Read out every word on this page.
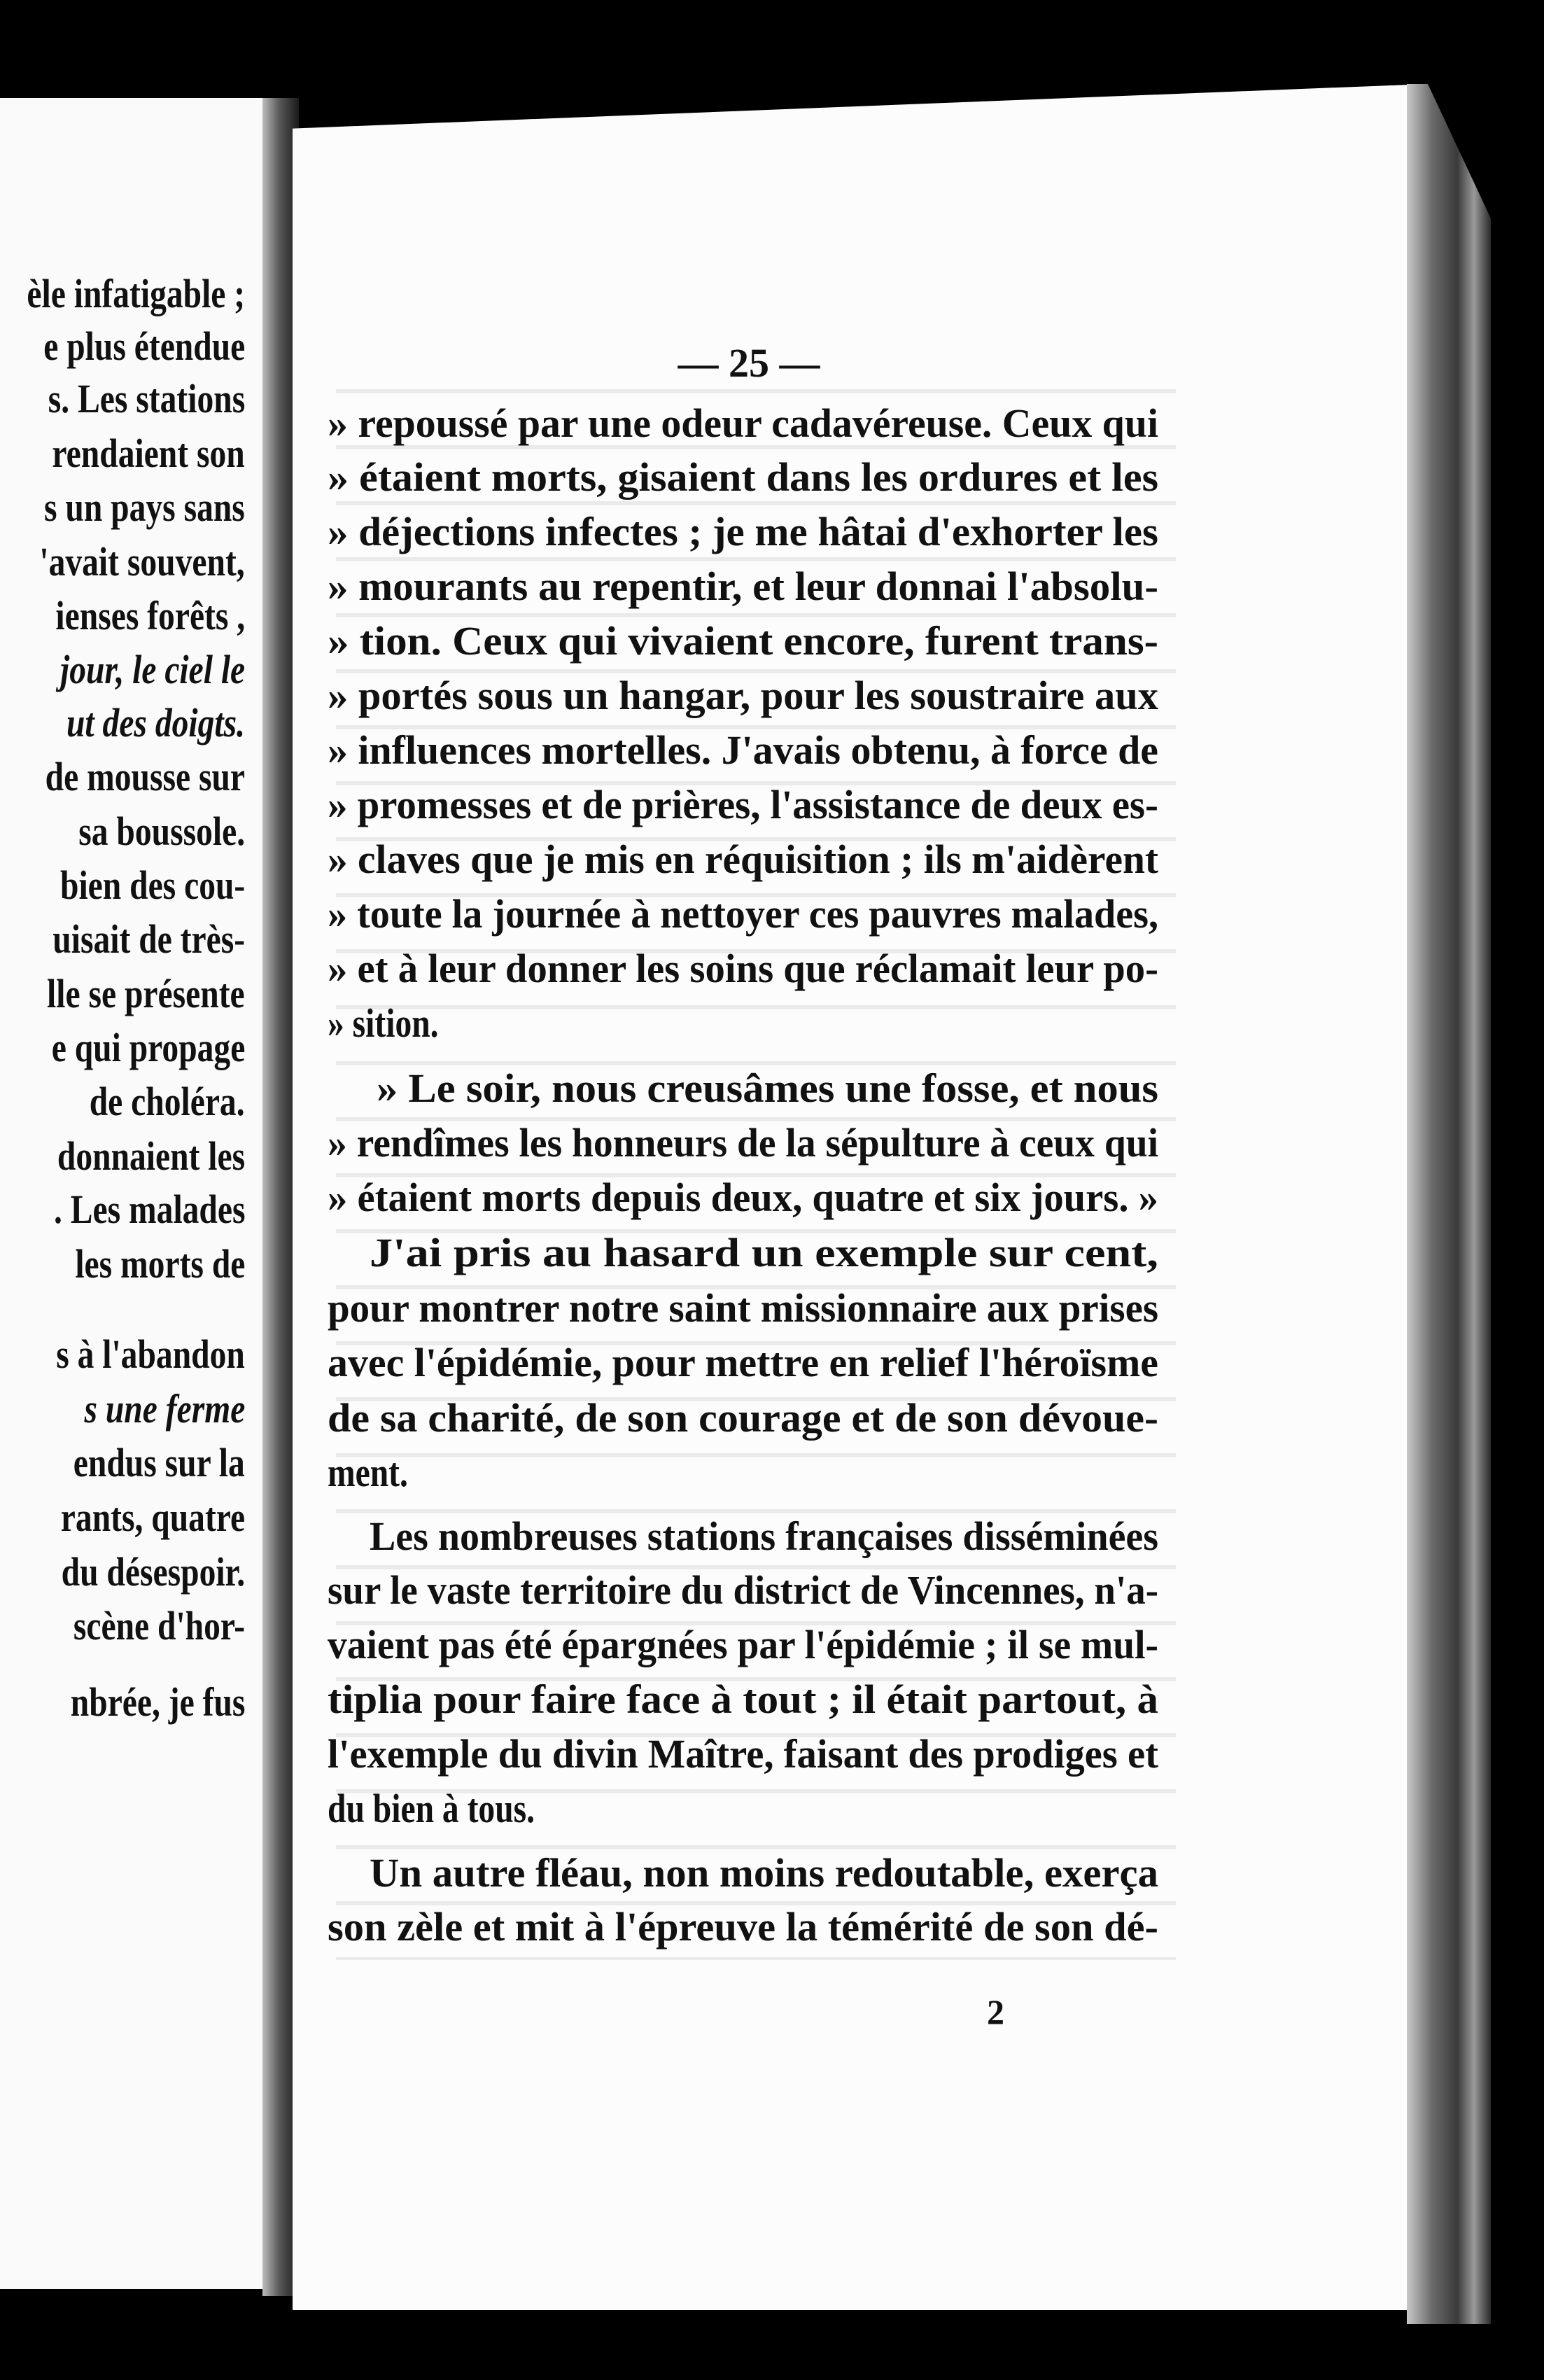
èle infatigable ;
e plus étendue
s. Les stations
rendaient son
s un pays sans
'avait souvent,
ienses forêts ,
jour, le ciel le
ut des doigts.
de mousse sur
sa boussole.
bien des cou-
uisait de très-
lle se présente
e qui propage
de choléra.
donnaient les
. Les malades
les morts de
s à l'abandon
s une ferme
endus sur la
rants, quatre
du désespoir.
scène d'hor-
nbrée, je fus
— 25 —
» repoussé par une odeur cadavéreuse. Ceux qui
» étaient morts, gisaient dans les ordures et les
» déjections infectes ; je me hâtai d'exhorter les
» mourants au repentir, et leur donnai l'absolu-
» tion. Ceux qui vivaient encore, furent trans-
» portés sous un hangar, pour les soustraire aux
» influences mortelles. J'avais obtenu, à force de
» promesses et de prières, l'assistance de deux es-
» claves que je mis en réquisition ; ils m'aidèrent
» toute la journée à nettoyer ces pauvres malades,
» et à leur donner les soins que réclamait leur po-
» sition.
» Le soir, nous creusâmes une fosse, et nous
» rendîmes les honneurs de la sépulture à ceux qui
» étaient morts depuis deux, quatre et six jours. »
J'ai pris au hasard un exemple sur cent,
pour montrer notre saint missionnaire aux prises
avec l'épidémie, pour mettre en relief l'héroïsme
de sa charité, de son courage et de son dévoue-
ment.
Les nombreuses stations françaises disséminées
sur le vaste territoire du district de Vincennes, n'a-
vaient pas été épargnées par l'épidémie ; il se mul-
tiplia pour faire face à tout ; il était partout, à
l'exemple du divin Maître, faisant des prodiges et
du bien à tous.
Un autre fléau, non moins redoutable, exerça
son zèle et mit à l'épreuve la témérité de son dé-
2
